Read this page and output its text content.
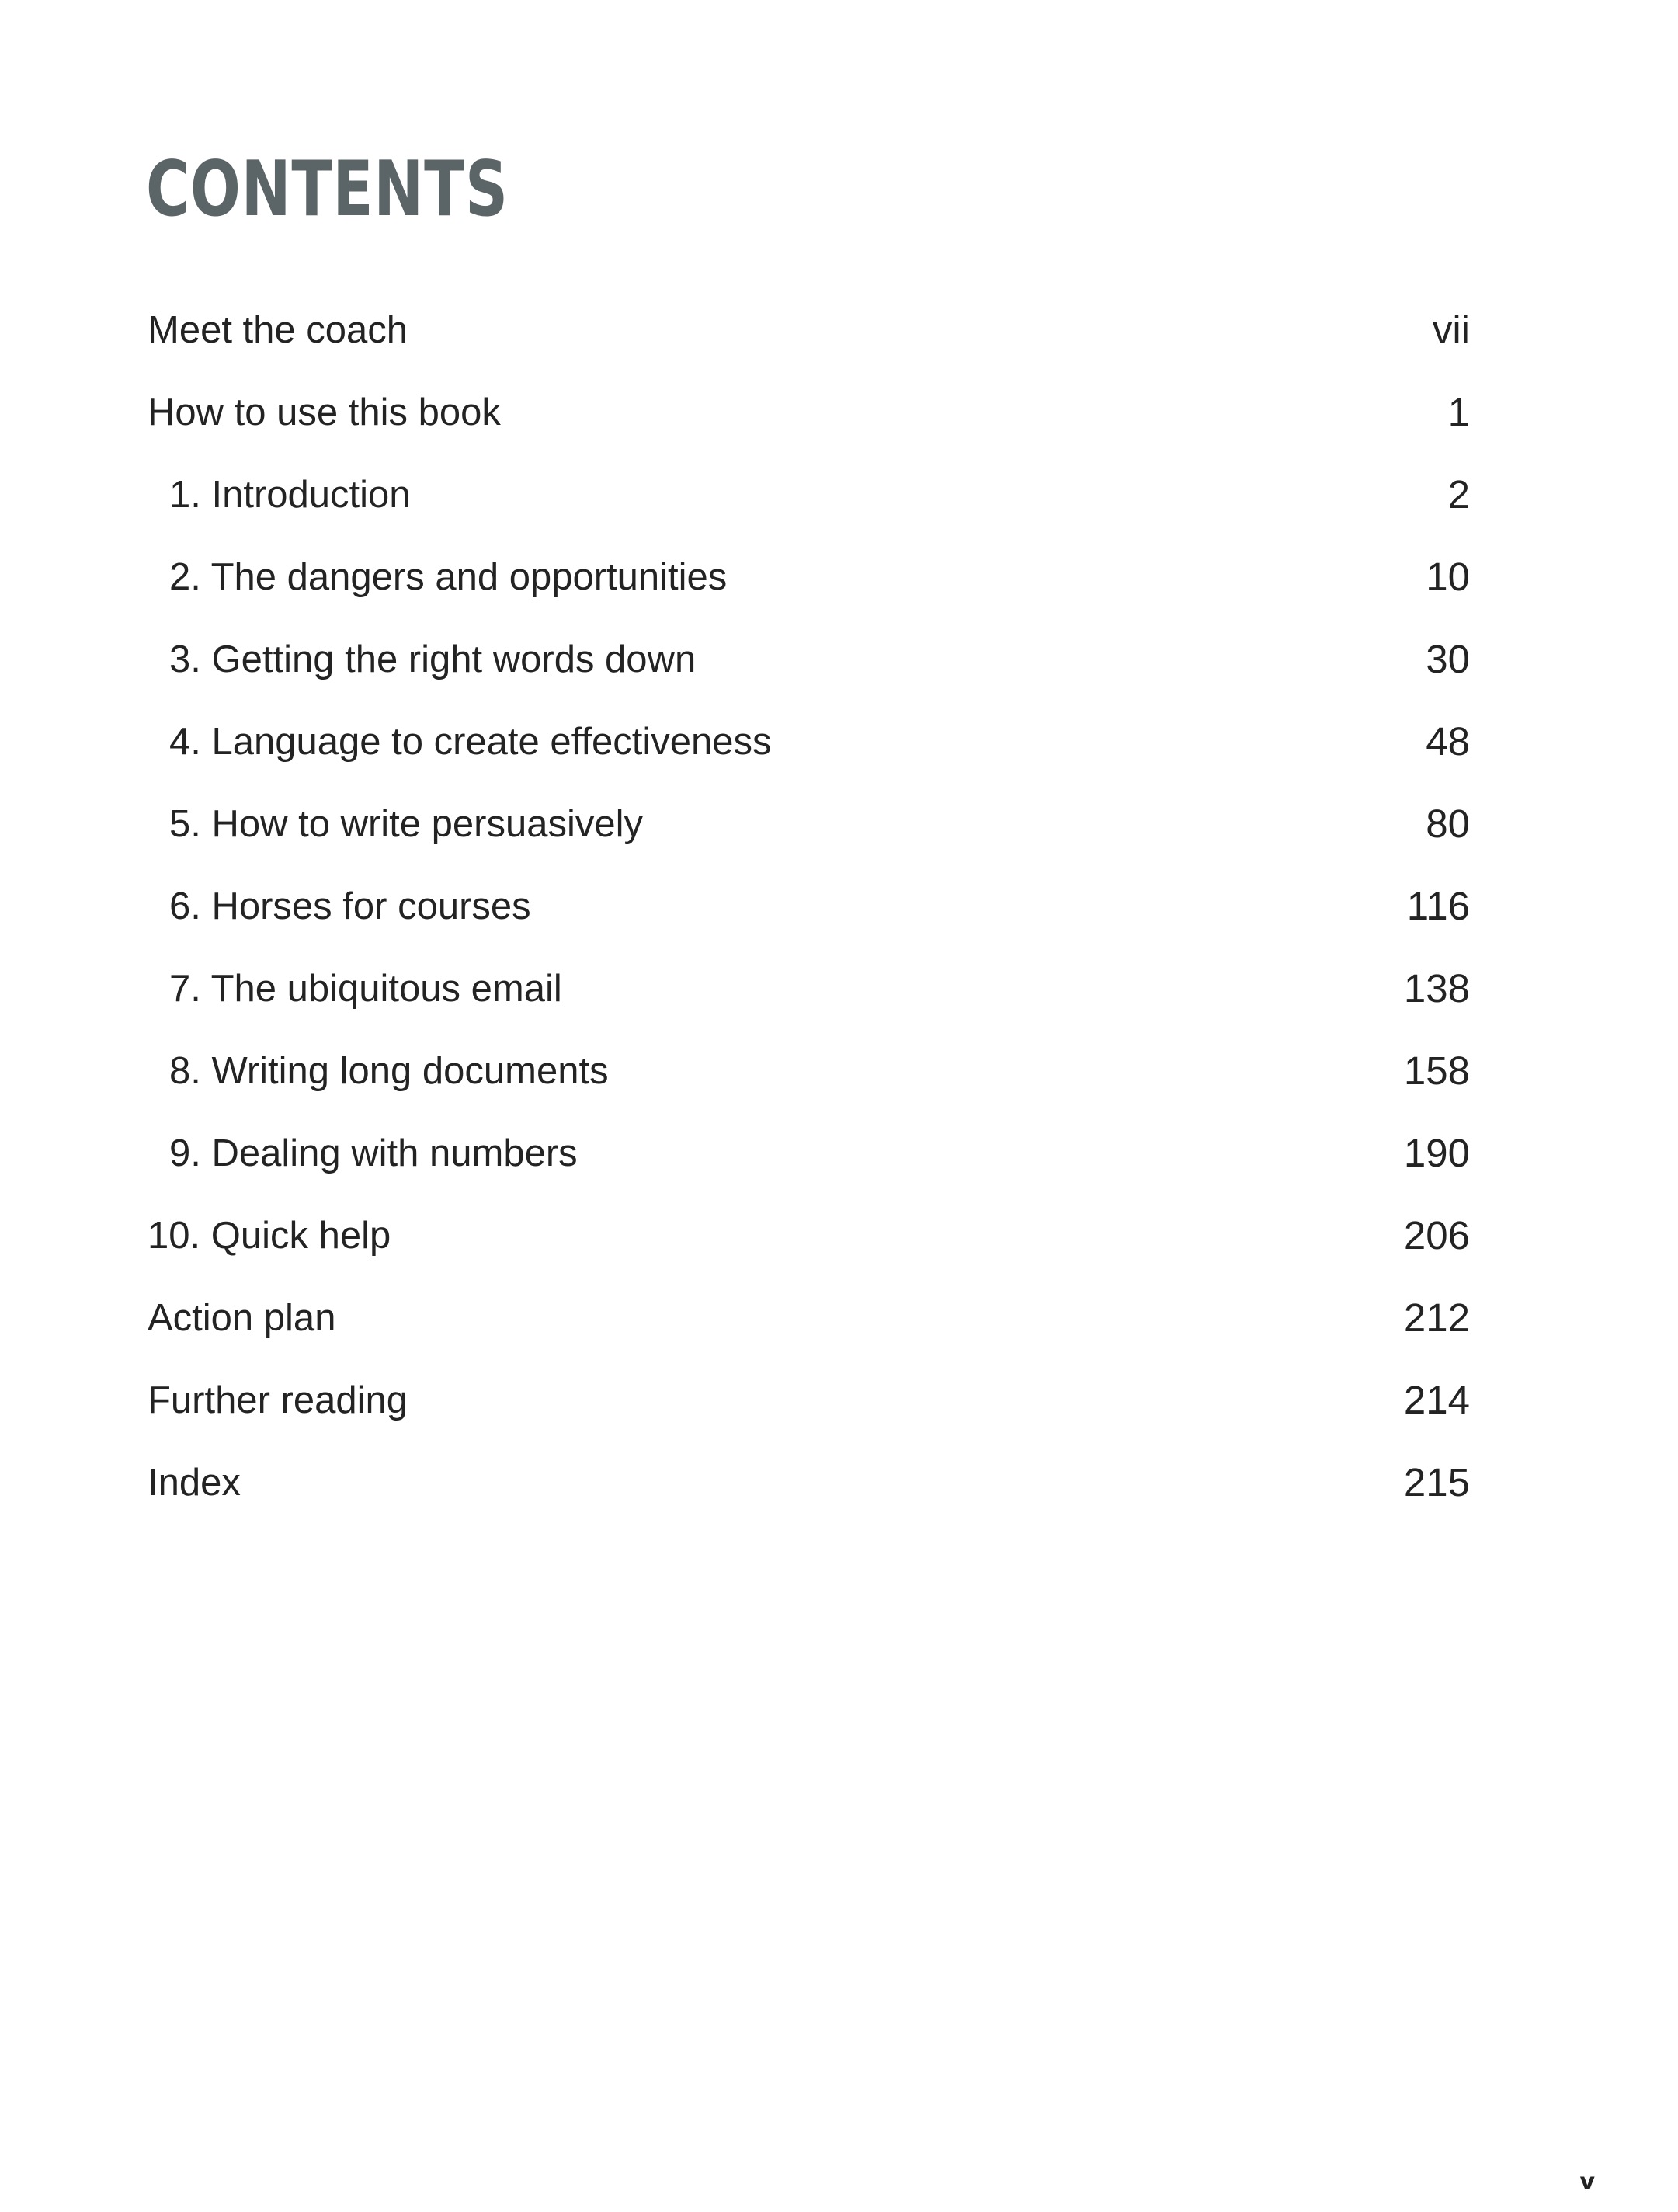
CONTENTS
Meet the coach	vii
How to use this book	1
1. Introduction	2
2. The dangers and opportunities	10
3. Getting the right words down	30
4. Language to create effectiveness	48
5. How to write persuasively	80
6. Horses for courses	116
7. The ubiquitous email	138
8. Writing long documents	158
9. Dealing with numbers	190
10. Quick help	206
Action plan	212
Further reading	214
Index	215
v
